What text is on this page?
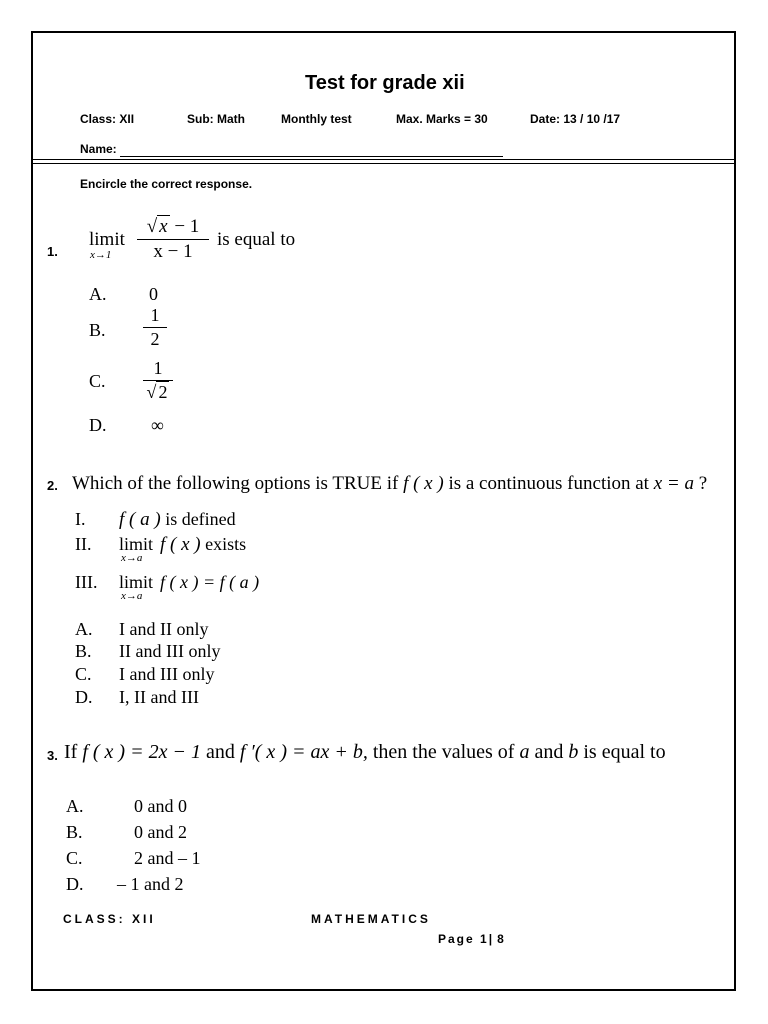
Test for grade xii
Class: XII	Sub: Math	Monthly test	Max. Marks = 30	Date: 13 / 10 /17
Name:
Encircle the correct response.
1.
limit
x→1
√ x − 1
x − 1
is equal to
A. 0
B.
1
2
C.
1
√ 2
D. ∞
2. Which of the following options is TRUE if f ( x ) is a continuous function at x = a ?
I. f ( a ) is defined
II. limit
x→a
f ( x ) exists
III. limit
x→a
f ( x ) = f ( a )
A. I and II only
B. II and III only
C. I and III only
D. I, II and III
3. If f ( x ) = 2x − 1 and f ′( x ) = ax + b, then the values of a and b is equal to
A.	0 and 0
B.	0 and 2
C.	2 and – 1
D. – 1 and 2
CLASS: XII	MATHEMATICS
Page 1| 8
